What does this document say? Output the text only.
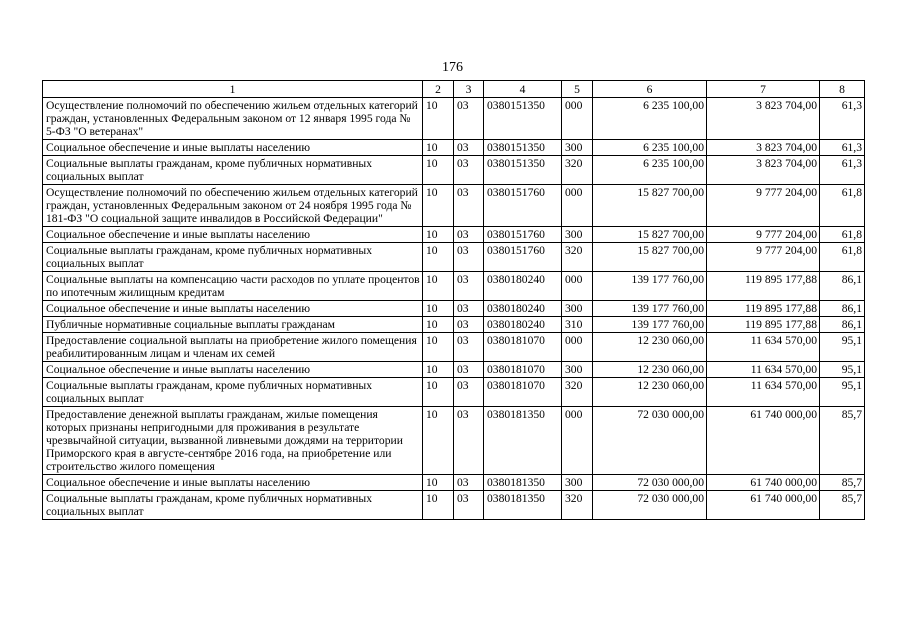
176
1	2	3	4	5	6	7	8
Осуществление полномочий по обеспечению жильем отдельных категорий граждан, установленных Федеральным законом от 12 января 1995 года № 5-ФЗ "О ветеранах"	10	03	0380151350	000	6 235 100,00	3 823 704,00	61,3
Социальное обеспечение и иные выплаты населению	10	03	0380151350	300	6 235 100,00	3 823 704,00	61,3
Социальные выплаты гражданам, кроме публичных нормативных социальных выплат	10	03	0380151350	320	6 235 100,00	3 823 704,00	61,3
Осуществление полномочий по обеспечению жильем отдельных категорий граждан, установленных Федеральным законом от 24 ноября 1995 года № 181-ФЗ "О социальной защите инвалидов в Российской Федерации"	10	03	0380151760	000	15 827 700,00	9 777 204,00	61,8
Социальное обеспечение и иные выплаты населению	10	03	0380151760	300	15 827 700,00	9 777 204,00	61,8
Социальные выплаты гражданам, кроме публичных нормативных социальных выплат	10	03	0380151760	320	15 827 700,00	9 777 204,00	61,8
Социальные выплаты на компенсацию части расходов по уплате процентов по ипотечным жилищным кредитам	10	03	0380180240	000	139 177 760,00	119 895 177,88	86,1
Социальное обеспечение и иные выплаты населению	10	03	0380180240	300	139 177 760,00	119 895 177,88	86,1
Публичные нормативные социальные выплаты гражданам	10	03	0380180240	310	139 177 760,00	119 895 177,88	86,1
Предоставление социальной выплаты на приобретение жилого помещения реабилитированным лицам и членам их семей	10	03	0380181070	000	12 230 060,00	11 634 570,00	95,1
Социальное обеспечение и иные выплаты населению	10	03	0380181070	300	12 230 060,00	11 634 570,00	95,1
Социальные выплаты гражданам, кроме публичных нормативных социальных выплат	10	03	0380181070	320	12 230 060,00	11 634 570,00	95,1
Предоставление денежной выплаты гражданам, жилые помещения которых признаны непригодными для проживания в результате чрезвычайной ситуации, вызванной ливневыми дождями на территории Приморского края в августе-сентябре 2016 года, на приобретение или строительство жилого помещения	10	03	0380181350	000	72 030 000,00	61 740 000,00	85,7
Социальное обеспечение и иные выплаты населению	10	03	0380181350	300	72 030 000,00	61 740 000,00	85,7
Социальные выплаты гражданам, кроме публичных нормативных социальных выплат	10	03	0380181350	320	72 030 000,00	61 740 000,00	85,7
